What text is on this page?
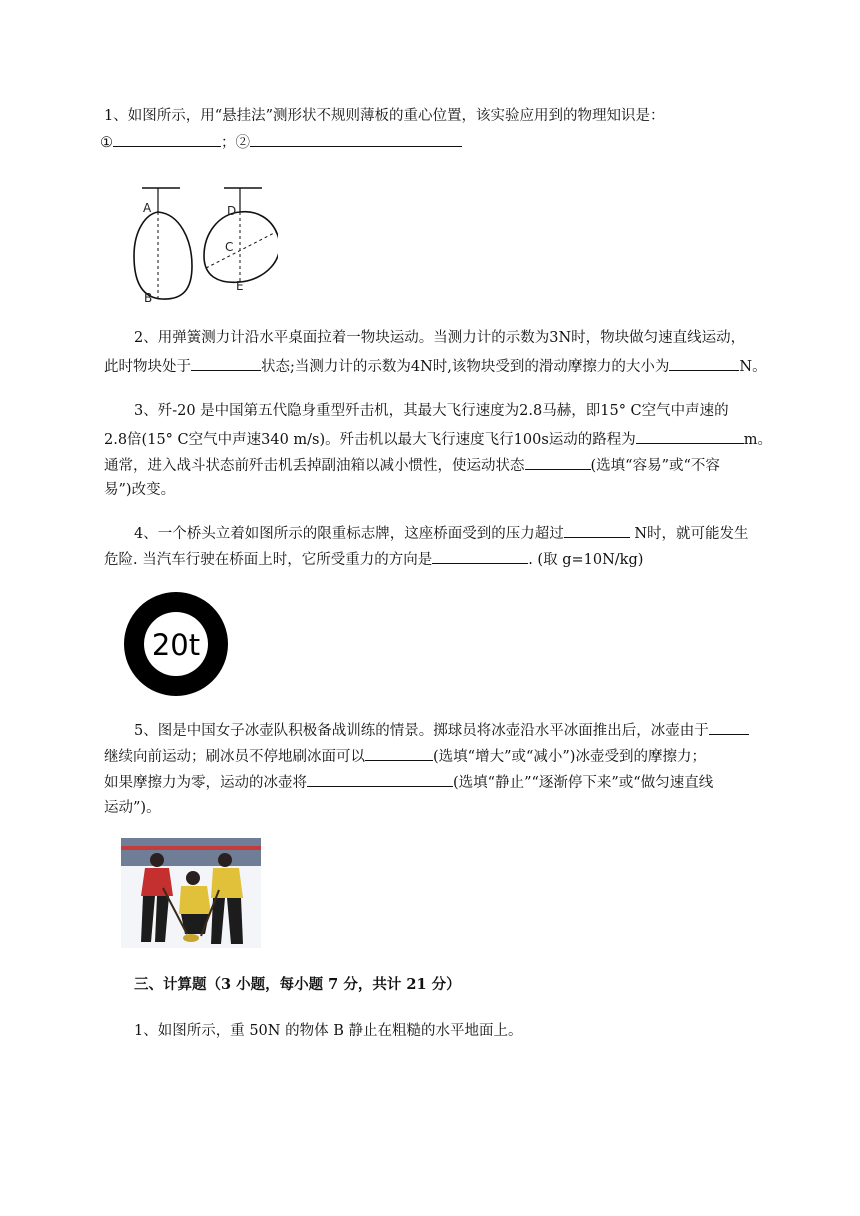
1、如图所示，用“悬挂法”测形状不规则薄板的重心位置，该实验应用到的物理知识是：

①	；②

A
B
D
C
E

2、用弹簧测力计沿水平桌面拉着一物块运动。当测力计的示数为3N时，物块做匀速直线运动，

此时物块处于	状态;当测力计的示数为4N时,该物块受到的滑动摩擦力的大小为	N。

3、歼-20 是中国第五代隐身重型歼击机，其最大飞行速度为2.8马赫，即15° C空气中声速的

2.8倍(15° C空气中声速340 m/s)。歼击机以最大飞行速度飞行100s运动的路程为	m。

通常，进入战斗状态前歼击机丢掉副油箱以减小惯性，使运动状态	(选填“容易”或“不容

易”)改变。

4、一个桥头立着如图所示的限重标志牌，这座桥面受到的压力超过	N时，就可能发生

危险. 当汽车行驶在桥面上时，它所受重力的方向是	. (取 g=10N/kg)

20t

5、图是中国女子冰壶队积极备战训练的情景。掷球员将冰壶沿水平冰面推出后，冰壶由于

继续向前运动；刷冰员不停地刷冰面可以	(选填“增大”或“减小”)冰壶受到的摩擦力；

如果摩擦力为零，运动的冰壶将	(选填“静止”“逐渐停下来”或“做匀速直线

运动”)。

三、计算题（3 小题，每小题 7 分，共计 21 分）

1、如图所示，重 50N 的物体 B 静止在粗糙的水平地面上。
